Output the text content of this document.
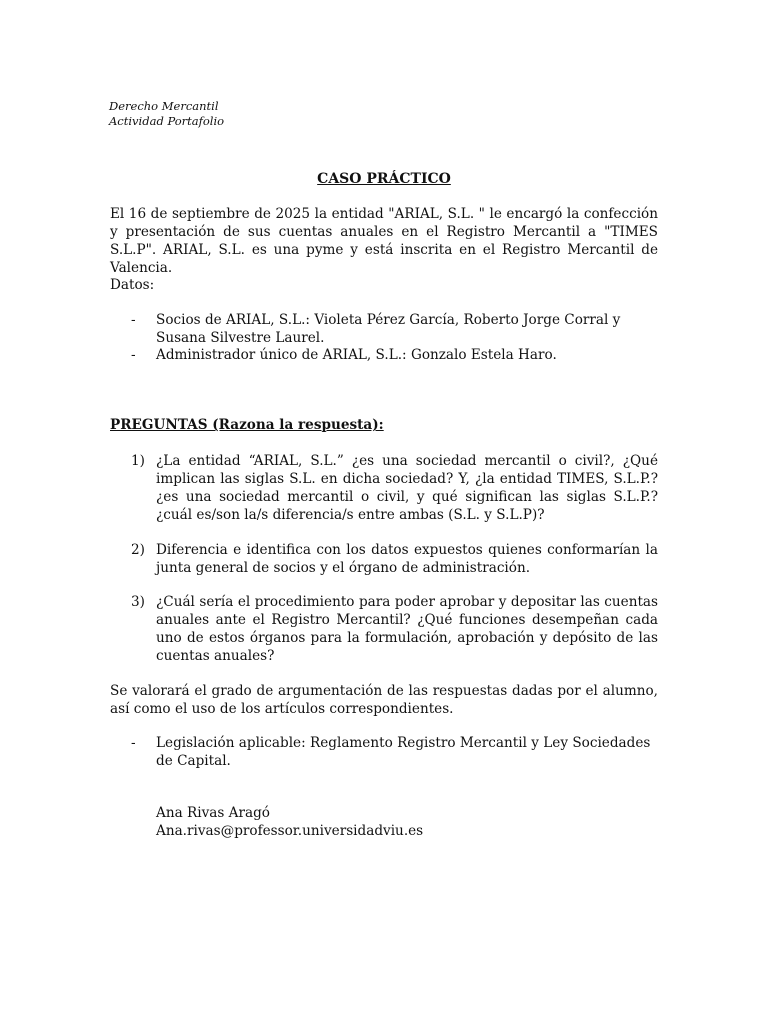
Derecho Mercantil
Actividad Portafolio
CASO PRÁCTICO
El 16 de septiembre de 2025 la entidad "ARIAL, S.L. " le encargó la confección y presentación de sus cuentas anuales en el Registro Mercantil a "TIMES S.L.P". ARIAL, S.L. es una pyme y está inscrita en el Registro Mercantil de Valencia.
Datos:
- Socios de ARIAL, S.L.: Violeta Pérez García, Roberto Jorge Corral y Susana Silvestre Laurel.
- Administrador único de ARIAL, S.L.: Gonzalo Estela Haro.
PREGUNTAS (Razona la respuesta):
1) ¿La entidad “ARIAL, S.L.” ¿es una sociedad mercantil o civil?, ¿Qué implican las siglas S.L. en dicha sociedad? Y, ¿la entidad TIMES, S.L.P.? ¿es una sociedad mercantil o civil, y qué significan las siglas S.L.P.? ¿cuál es/son la/s diferencia/s entre ambas (S.L. y S.L.P)?
2) Diferencia e identifica con los datos expuestos quienes conformarían la junta general de socios y el órgano de administración.
3) ¿Cuál sería el procedimiento para poder aprobar y depositar las cuentas anuales ante el Registro Mercantil? ¿Qué funciones desempeñan cada uno de estos órganos para la formulación, aprobación y depósito de las cuentas anuales?
Se valorará el grado de argumentación de las respuestas dadas por el alumno, así como el uso de los artículos correspondientes.
- Legislación aplicable: Reglamento Registro Mercantil y Ley Sociedades de Capital.
Ana Rivas Aragó
Ana.rivas@professor.universidadviu.es
